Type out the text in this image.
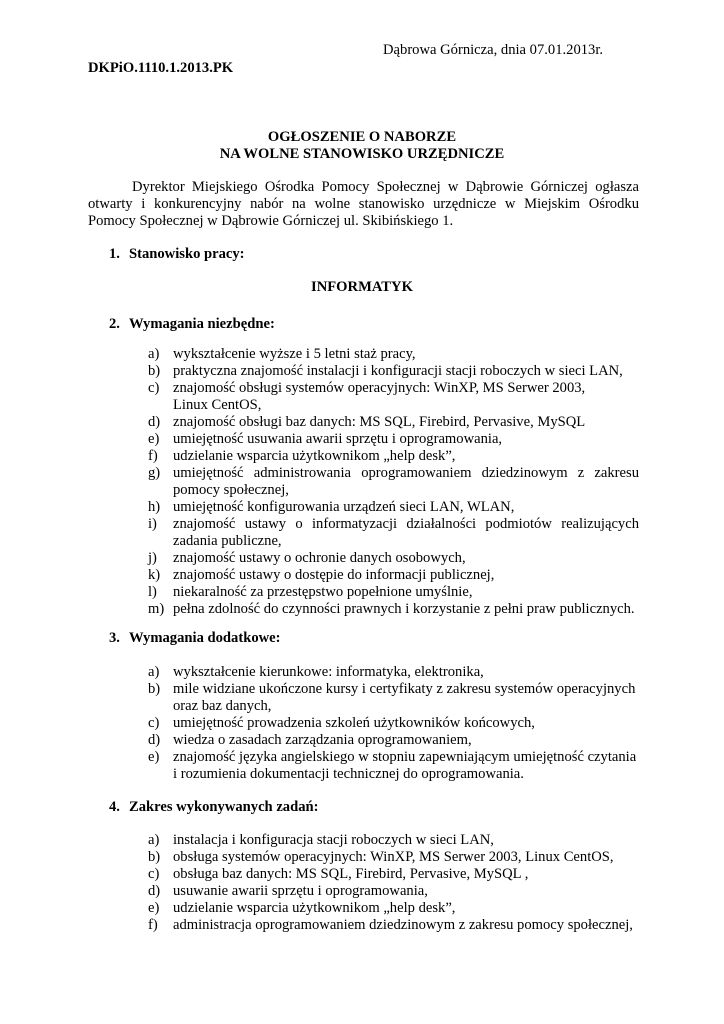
Dąbrowa Górnicza, dnia 07.01.2013r.
DKPiO.1110.1.2013.PK
OGŁOSZENIE O NABORZE
NA WOLNE STANOWISKO URZĘDNICZE
Dyrektor Miejskiego Ośrodka Pomocy Społecznej w Dąbrowie Górniczej ogłasza otwarty i konkurencyjny nabór na wolne stanowisko urzędnicze w Miejskim Ośrodku Pomocy Społecznej w Dąbrowie Górniczej ul. Skibińskiego 1.
1. Stanowisko pracy:
INFORMATYK
2. Wymagania niezbędne:
a) wykształcenie wyższe i 5 letni staż pracy,
b) praktyczna znajomość instalacji i konfiguracji stacji roboczych w sieci LAN,
c) znajomość obsługi systemów operacyjnych: WinXP, MS Serwer 2003,
Linux CentOS,
d) znajomość obsługi baz danych: MS SQL, Firebird, Pervasive, MySQL
e) umiejętność usuwania awarii sprzętu i oprogramowania,
f) udzielanie wsparcia użytkownikom „help desk”,
g) umiejętność administrowania oprogramowaniem dziedzinowym z zakresu
pomocy społecznej,
h) umiejętność konfigurowania urządzeń sieci LAN, WLAN,
i) znajomość ustawy o informatyzacji działalności podmiotów realizujących
zadania publiczne,
j) znajomość ustawy o ochronie danych osobowych,
k) znajomość ustawy o dostępie do informacji publicznej,
l) niekaralność za przestępstwo popełnione umyślnie,
m) pełna zdolność do czynności prawnych i korzystanie z pełni praw publicznych.
3. Wymagania dodatkowe:
a) wykształcenie kierunkowe: informatyka, elektronika,
b) mile widziane ukończone kursy i certyfikaty z zakresu systemów operacyjnych
oraz baz danych,
c) umiejętność prowadzenia szkoleń użytkowników końcowych,
d) wiedza o zasadach zarządzania oprogramowaniem,
e) znajomość języka angielskiego w stopniu zapewniającym umiejętność czytania
i rozumienia dokumentacji technicznej do oprogramowania.
4. Zakres wykonywanych zadań:
a) instalacja i konfiguracja stacji roboczych w sieci LAN,
b) obsługa systemów operacyjnych: WinXP, MS Serwer 2003, Linux CentOS,
c) obsługa baz danych: MS SQL, Firebird, Pervasive, MySQL ,
d) usuwanie awarii sprzętu i oprogramowania,
e) udzielanie wsparcia użytkownikom „help desk”,
f) administracja oprogramowaniem dziedzinowym z zakresu pomocy społecznej,
